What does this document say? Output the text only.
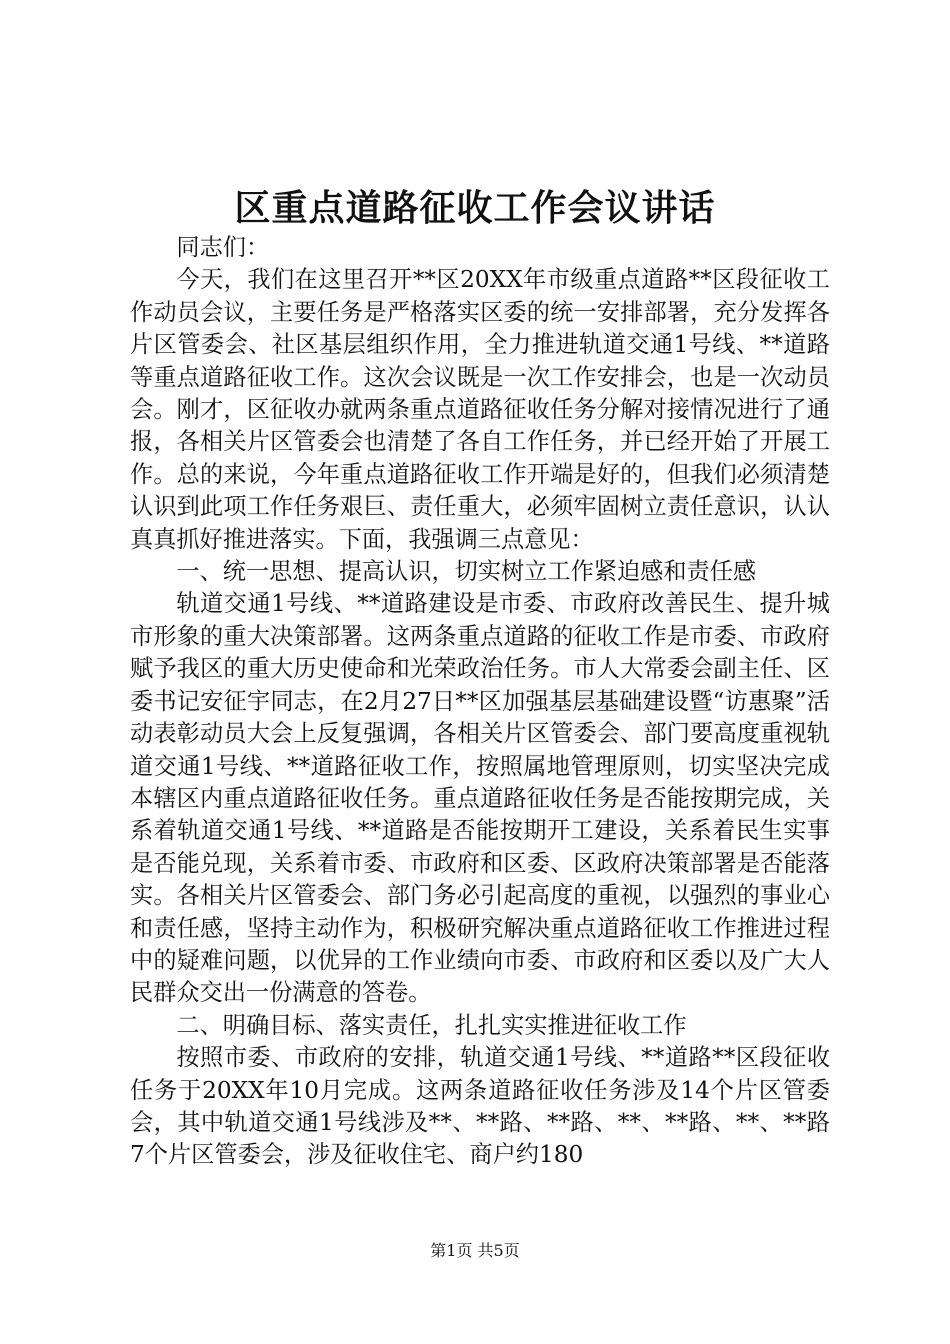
区重点道路征收工作会议讲话

同志们：

今天，我们在这里召开**区20XX年市级重点道路**区段征收工作动员会议，主要任务是严格落实区委的统一安排部署，充分发挥各片区管委会、社区基层组织作用，全力推进轨道交通1号线、**道路等重点道路征收工作。这次会议既是一次工作安排会，也是一次动员会。刚才，区征收办就两条重点道路征收任务分解对接情况进行了通报，各相关片区管委会也清楚了各自工作任务，并已经开始了开展工作。总的来说，今年重点道路征收工作开端是好的，但我们必须清楚认识到此项工作任务艰巨、责任重大，必须牢固树立责任意识，认认真真抓好推进落实。下面，我强调三点意见：

一、统一思想、提高认识，切实树立工作紧迫感和责任感

轨道交通1号线、**道路建设是市委、市政府改善民生、提升城市形象的重大决策部署。这两条重点道路的征收工作是市委、市政府赋予我区的重大历史使命和光荣政治任务。市人大常委会副主任、区委书记安征宇同志，在2月27日**区加强基层基础建设暨“访惠聚”活动表彰动员大会上反复强调，各相关片区管委会、部门要高度重视轨道交通1号线、**道路征收工作，按照属地管理原则，切实坚决完成本辖区内重点道路征收任务。重点道路征收任务是否能按期完成，关系着轨道交通1号线、**道路是否能按期开工建设，关系着民生实事是否能兑现，关系着市委、市政府和区委、区政府决策部署是否能落实。各相关片区管委会、部门务必引起高度的重视，以强烈的事业心和责任感，坚持主动作为，积极研究解决重点道路征收工作推进过程中的疑难问题，以优异的工作业绩向市委、市政府和区委以及广大人民群众交出一份满意的答卷。

二、明确目标、落实责任，扎扎实实推进征收工作

按照市委、市政府的安排，轨道交通1号线、**道路**区段征收任务于20XX年10月完成。这两条道路征收任务涉及14个片区管委会，其中轨道交通1号线涉及**、**路、**路、**、**路、**、**路7个片区管委会，涉及征收住宅、商户约180

第1页 共5页
